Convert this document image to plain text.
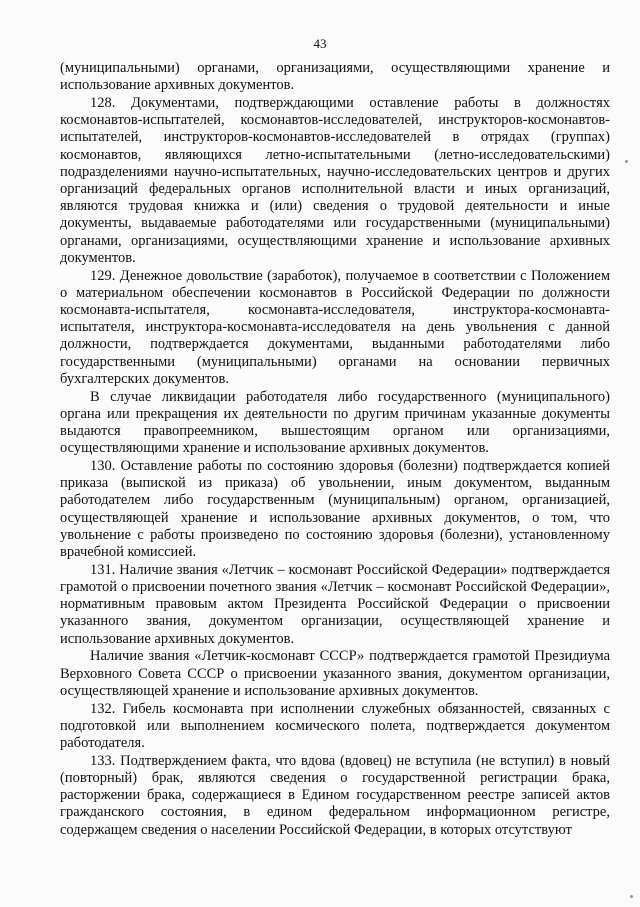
43

(муниципальными) органами, организациями, осуществляющими хранение и использование архивных документов.

128. Документами, подтверждающими оставление работы в должностях космонавтов-испытателей, космонавтов-исследователей, инструкторов-космонавтов-испытателей, инструкторов-космонавтов-исследователей в отрядах (группах) космонавтов, являющихся летно-испытательными (летно-исследовательскими) подразделениями научно-испытательных, научно-исследовательских центров и других организаций федеральных органов исполнительной власти и иных организаций, являются трудовая книжка и (или) сведения о трудовой деятельности и иные документы, выдаваемые работодателями или государственными (муниципальными) органами, организациями, осуществляющими хранение и использование архивных документов.

129. Денежное довольствие (заработок), получаемое в соответствии с Положением о материальном обеспечении космонавтов в Российской Федерации по должности космонавта-испытателя, космонавта-исследователя, инструктора-космонавта-испытателя, инструктора-космонавта-исследователя на день увольнения с данной должности, подтверждается документами, выданными работодателями либо государственными (муниципальными) органами на основании первичных бухгалтерских документов.

В случае ликвидации работодателя либо государственного (муниципального) органа или прекращения их деятельности по другим причинам указанные документы выдаются правопреемником, вышестоящим органом или организациями, осуществляющими хранение и использование архивных документов.

130. Оставление работы по состоянию здоровья (болезни) подтверждается копией приказа (выпиской из приказа) об увольнении, иным документом, выданным работодателем либо государственным (муниципальным) органом, организацией, осуществляющей хранение и использование архивных документов, о том, что увольнение с работы произведено по состоянию здоровья (болезни), установленному врачебной комиссией.

131. Наличие звания «Летчик – космонавт Российской Федерации» подтверждается грамотой о присвоении почетного звания «Летчик – космонавт Российской Федерации», нормативным правовым актом Президента Российской Федерации о присвоении указанного звания, документом организации, осуществляющей хранение и использование архивных документов.

Наличие звания «Летчик-космонавт СССР» подтверждается грамотой Президиума Верховного Совета СССР о присвоении указанного звания, документом организации, осуществляющей хранение и использование архивных документов.

132. Гибель космонавта при исполнении служебных обязанностей, связанных с подготовкой или выполнением космического полета, подтверждается документом работодателя.

133. Подтверждением факта, что вдова (вдовец) не вступила (не вступил) в новый (повторный) брак, являются сведения о государственной регистрации брака, расторжении брака, содержащиеся в Едином государственном реестре записей актов гражданского состояния, в едином федеральном информационном регистре, содержащем сведения о населении Российской Федерации, в которых отсутствуют
